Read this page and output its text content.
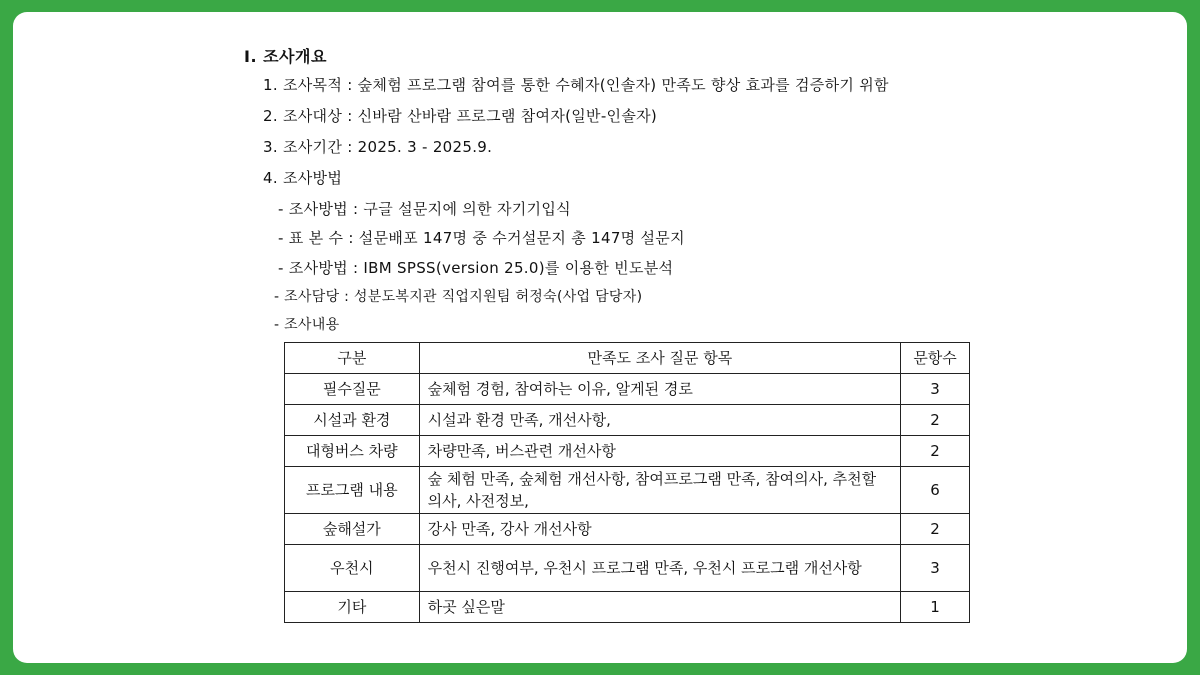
I. 조사개요
1. 조사목적 : 숲체험 프로그램 참여를 통한 수혜자(인솔자) 만족도 향상 효과를 검증하기 위함
2. 조사대상 : 신바람 산바람 프로그램 참여자(일반-인솔자)
3. 조사기간 : 2025. 3 - 2025.9.
4. 조사방법
- 조사방법 : 구글 설문지에 의한 자기기입식
- 표 본 수 : 설문배포 147명 중 수거설문지 총 147명 설문지
- 조사방법 : IBM SPSS(version 25.0)를 이용한 빈도분석
- 조사담당 : 성분도복지관 직업지원팀 허정숙(사업 담당자)
- 조사내용
구분	만족도 조사 질문 항목	문항수
필수질문	숲체험 경험, 참여하는 이유, 알게된 경로	3
시설과 환경	시설과 환경 만족, 개선사항,	2
대형버스 차량	차량만족, 버스관련 개선사항	2
프로그램 내용	숲 체험 만족, 숲체험 개선사항, 참여프로그램 만족, 참여의사, 추천할 의사, 사전정보,	6
숲해설가	강사 만족, 강사 개선사항	2
우천시	우천시 진행여부, 우천시 프로그램 만족, 우천시 프로그램 개선사항	3
기타	하곳 싶은말	1
